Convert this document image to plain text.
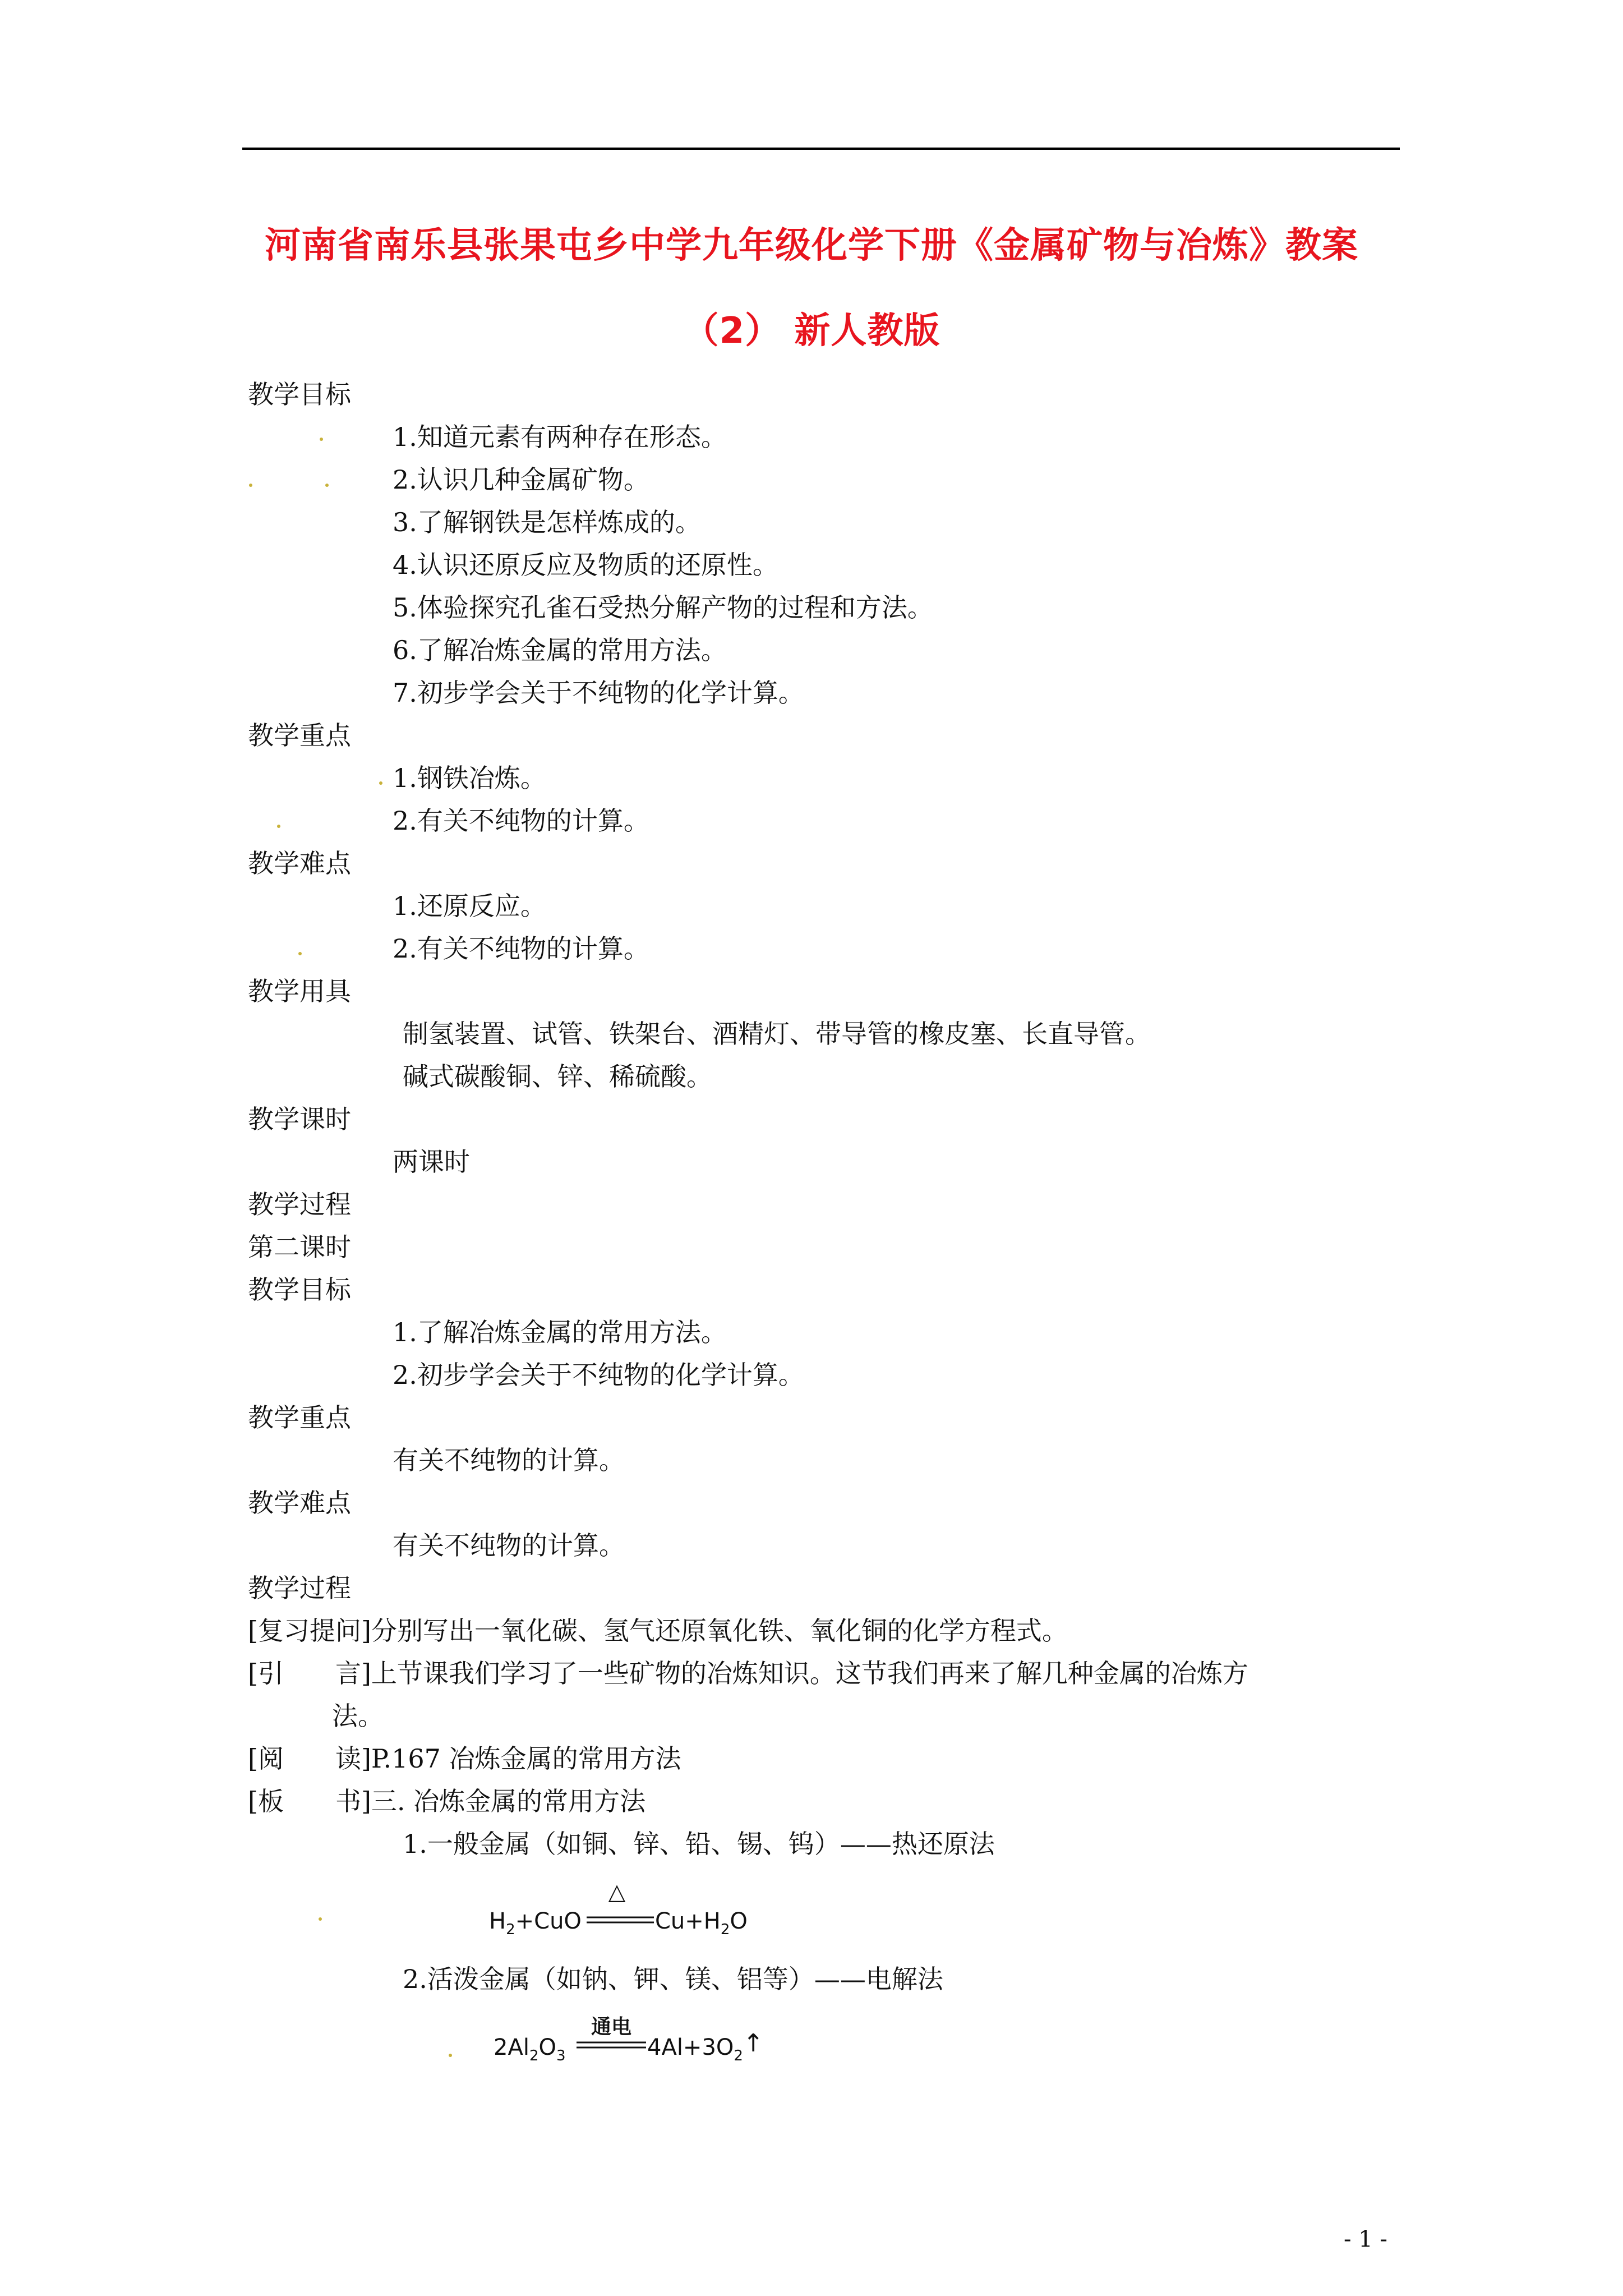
河南省南乐县张果屯乡中学九年级化学下册《金属矿物与冶炼》教案
（2） 新人教版
教学目标
1.知道元素有两种存在形态。
2.认识几种金属矿物。
3.了解钢铁是怎样炼成的。
4.认识还原反应及物质的还原性。
5.体验探究孔雀石受热分解产物的过程和方法。
6.了解冶炼金属的常用方法。
7.初步学会关于不纯物的化学计算。
教学重点
1.钢铁冶炼。
2.有关不纯物的计算。
教学难点
1.还原反应。
2.有关不纯物的计算。
教学用具
制氢装置、试管、铁架台、酒精灯、带导管的橡皮塞、长直导管。
碱式碳酸铜、锌、稀硫酸。
教学课时
两课时
教学过程
第二课时
教学目标
1.了解冶炼金属的常用方法。
2.初步学会关于不纯物的化学计算。
教学重点
有关不纯物的计算。
教学难点
有关不纯物的计算。
教学过程
[复习提问]分别写出一氧化碳、氢气还原氧化铁、氧化铜的化学方程式。
[引　　言]上节课我们学习了一些矿物的冶炼知识。这节我们再来了解几种金属的冶炼方
法。
[阅　　读]P.167 冶炼金属的常用方法
[板　　书]三. 冶炼金属的常用方法
1.一般金属（如铜、锌、铅、锡、钨）——热还原法
△
$H_2+CuO$	$Cu+H_2O$
2.活泼金属（如钠、钾、镁、铝等）——电解法
通电
$2Al_2O_3$	$4Al+3O_2↑$
- 1 -
